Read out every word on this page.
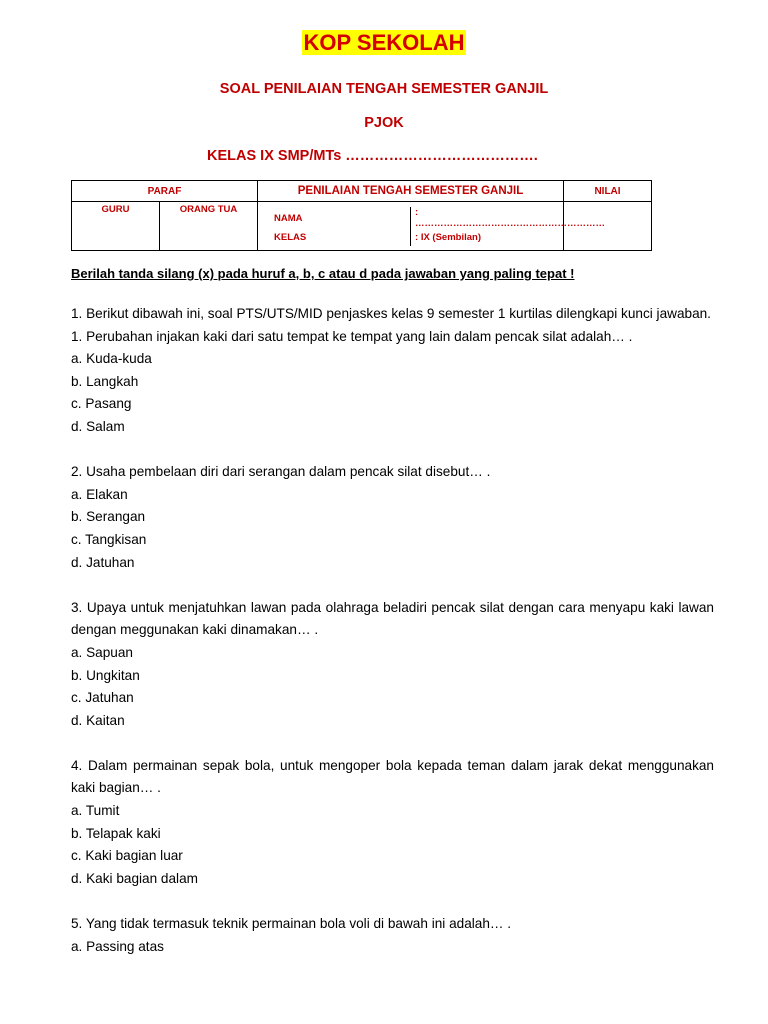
KOP SEKOLAH

SOAL PENILAIAN TENGAH SEMESTER GANJIL

PJOK

KELAS IX SMP/MTs ………………………………….

PARAF	PENILAIAN TENGAH SEMESTER GANJIL	NILAI
GURU	ORANG TUA	

NAMA	: ……………………………………………………
KELAS	: IX (Sembilan)

Berilah tanda silang (x) pada huruf a, b, c atau d pada jawaban yang paling tepat !

1. Berikut dibawah ini, soal PTS/UTS/MID penjaskes kelas 9 semester 1 kurtilas dilengkapi kunci jawaban.

1. Perubahan injakan kaki dari satu tempat ke tempat yang lain dalam pencak silat adalah… .

a. Kuda-kuda
b. Langkah
c. Pasang
d. Salam

2. Usaha pembelaan diri dari serangan dalam pencak silat disebut… .

a. Elakan
b. Serangan
c. Tangkisan
d. Jatuhan

3. Upaya untuk menjatuhkan lawan pada olahraga beladiri pencak silat dengan cara menyapu kaki lawan dengan meggunakan kaki dinamakan… .

a. Sapuan
b. Ungkitan
c. Jatuhan
d. Kaitan

4. Dalam permainan sepak bola, untuk mengoper bola kepada teman dalam jarak dekat menggunakan kaki bagian… .

a. Tumit
b. Telapak kaki
c. Kaki bagian luar
d. Kaki bagian dalam

5. Yang tidak termasuk teknik permainan bola voli di bawah ini adalah… .

a. Passing atas
